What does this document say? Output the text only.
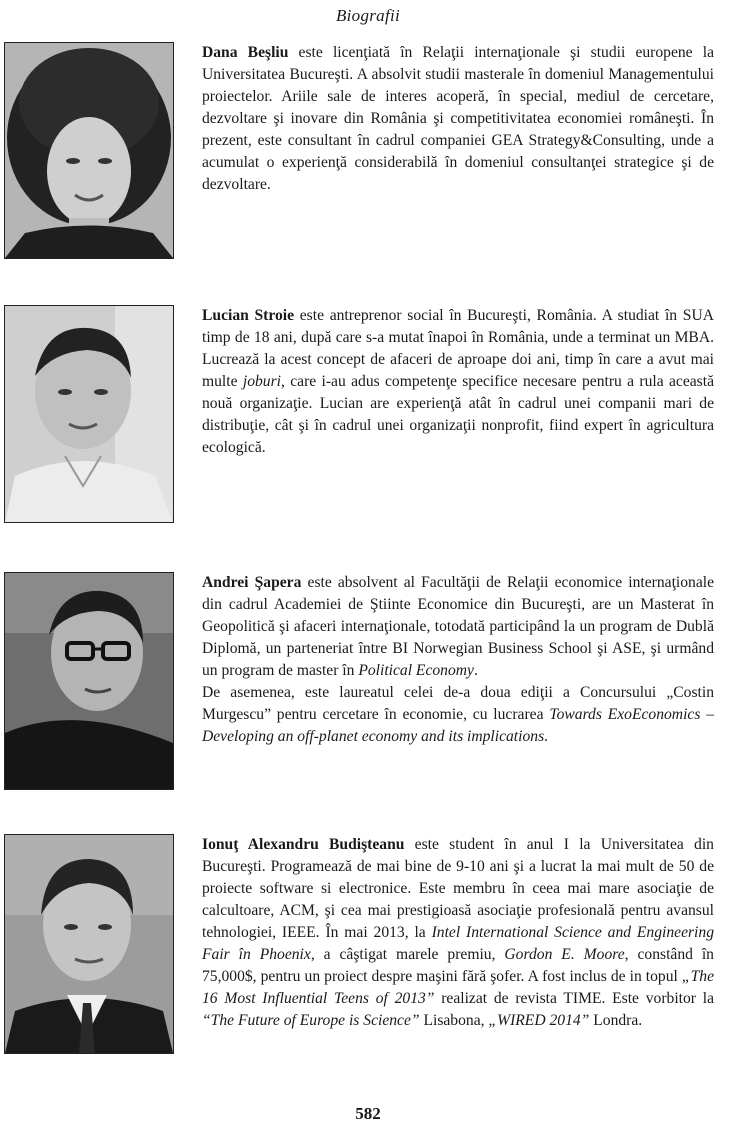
Biografii
Dana Beşliu este licenţiată în Relaţii internaţionale şi studii europene la Universitatea Bucureşti. A absolvit studii masterale în domeniul Managementului proiectelor. Ariile sale de interes acoperă, în special, mediul de cercetare, dezvoltare şi inovare din România şi competitivitatea economiei româneşti. În prezent, este consultant în cadrul companiei GEA Strategy&Consulting, unde a acumulat o experienţă considerabilă în domeniul consultanţei strategice şi de dezvoltare.
Lucian Stroie este antreprenor social în Bucureşti, România. A studiat în SUA timp de 18 ani, după care s-a mutat înapoi în România, unde a terminat un MBA. Lucrează la acest concept de afaceri de aproape doi ani, timp în care a avut mai multe joburi, care i-au adus competenţe specifice necesare pentru a rula această nouă organizaţie. Lucian are experienţă atât în cadrul unei companii mari de distribuţie, cât şi în cadrul unei organizaţii nonprofit, fiind expert în agricultura ecologică.
Andrei Şapera este absolvent al Facultăţii de Relaţii economice internaţionale din cadrul Academiei de Ştiinte Economice din Bucureşti, are un Masterat în Geopolitică şi afaceri internaţionale, totodată participând la un program de Dublă Diplomă, un parteneriat între BI Norwegian Business School şi ASE, şi urmând un program de master în Political Economy.
De asemenea, este laureatul celei de-a doua ediţii a Concursului „Costin Murgescu” pentru cercetare în economie, cu lucrarea Towards ExoEconomics – Developing an off-planet economy and its implications.
Ionuţ Alexandru Budişteanu este student în anul I la Universitatea din Bucureşti. Programează de mai bine de 9-10 ani şi a lucrat la mai mult de 50 de proiecte software si electronice. Este membru în ceea mai mare asociaţie de calcultoare, ACM, şi cea mai prestigioasă asociaţie profesională pentru avansul tehnologiei, IEEE. În mai 2013, la Intel International Science and Engineering Fair în Phoenix, a câştigat marele premiu, Gordon E. Moore, constând în 75,000$, pentru un proiect despre maşini fără şofer. A fost inclus de in topul „The 16 Most Influential Teens of 2013” realizat de revista TIME. Este vorbitor la “The Future of Europe is Science” Lisabona, „WIRED 2014” Londra.
582
